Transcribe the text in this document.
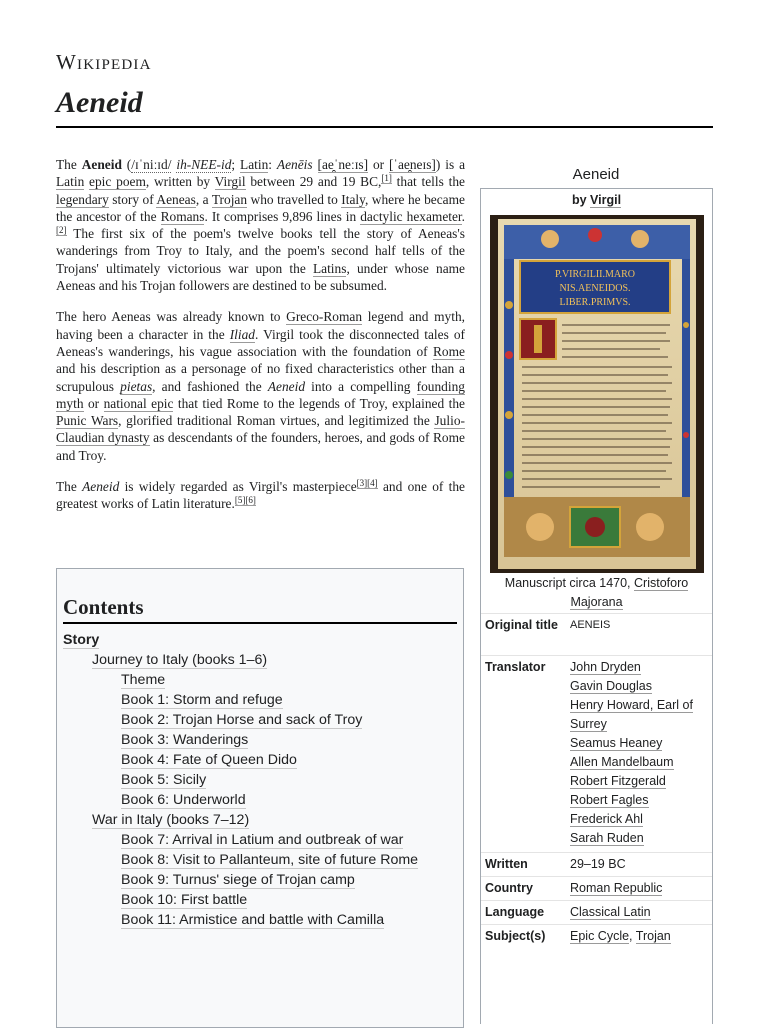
Wikipedia
Aeneid

The Aeneid (/ɪˈniːɪd/ ih-NEE-id; Latin: Aenēis [ae̯ˈneːɪs] or [ˈae̯neɪs]) is a Latin epic poem, written by Virgil between 29 and 19 BC,[1] that tells the legendary story of Aeneas, a Trojan who travelled to Italy, where he became the ancestor of the Romans. It comprises 9,896 lines in dactylic hexameter.[2] The first six of the poem's twelve books tell the story of Aeneas's wanderings from Troy to Italy, and the poem's second half tells of the Trojans' ultimately victorious war upon the Latins, under whose name Aeneas and his Trojan followers are destined to be subsumed.

The hero Aeneas was already known to Greco-Roman legend and myth, having been a character in the Iliad. Virgil took the disconnected tales of Aeneas's wanderings, his vague association with the foundation of Rome and his description as a personage of no fixed characteristics other than a scrupulous pietas, and fashioned the Aeneid into a compelling founding myth or national epic that tied Rome to the legends of Troy, explained the Punic Wars, glorified traditional Roman virtues, and legitimized the Julio-Claudian dynasty as descendants of the founders, heroes, and gods of Rome and Troy.

The Aeneid is widely regarded as Virgil's masterpiece[3][4] and one of the greatest works of Latin literature.[5][6]

Contents
Story
Journey to Italy (books 1–6)
Theme
Book 1: Storm and refuge
Book 2: Trojan Horse and sack of Troy
Book 3: Wanderings
Book 4: Fate of Queen Dido
Book 5: Sicily
Book 6: Underworld
War in Italy (books 7–12)
Book 7: Arrival in Latium and outbreak of war
Book 8: Visit to Pallanteum, site of future Rome
Book 9: Turnus' siege of Trojan camp
Book 10: First battle
Book 11: Armistice and battle with Camilla
Aeneid
by Virgil
P.VIRGILII.MARO
NIS.AENEIDOS.
LIBER.PRIMVS.
Manuscript circa 1470, Cristoforo Majorana
Original title	AENEIS
Translator John Dryden
Gavin Douglas
Henry Howard, Earl of Surrey
Seamus Heaney
Allen Mandelbaum
Robert Fitzgerald
Robert Fagles
Frederick Ahl
Sarah Ruden
Written	29–19 BC
Country	Roman Republic
Language Classical Latin
Subject(s) Epic Cycle, Trojan
